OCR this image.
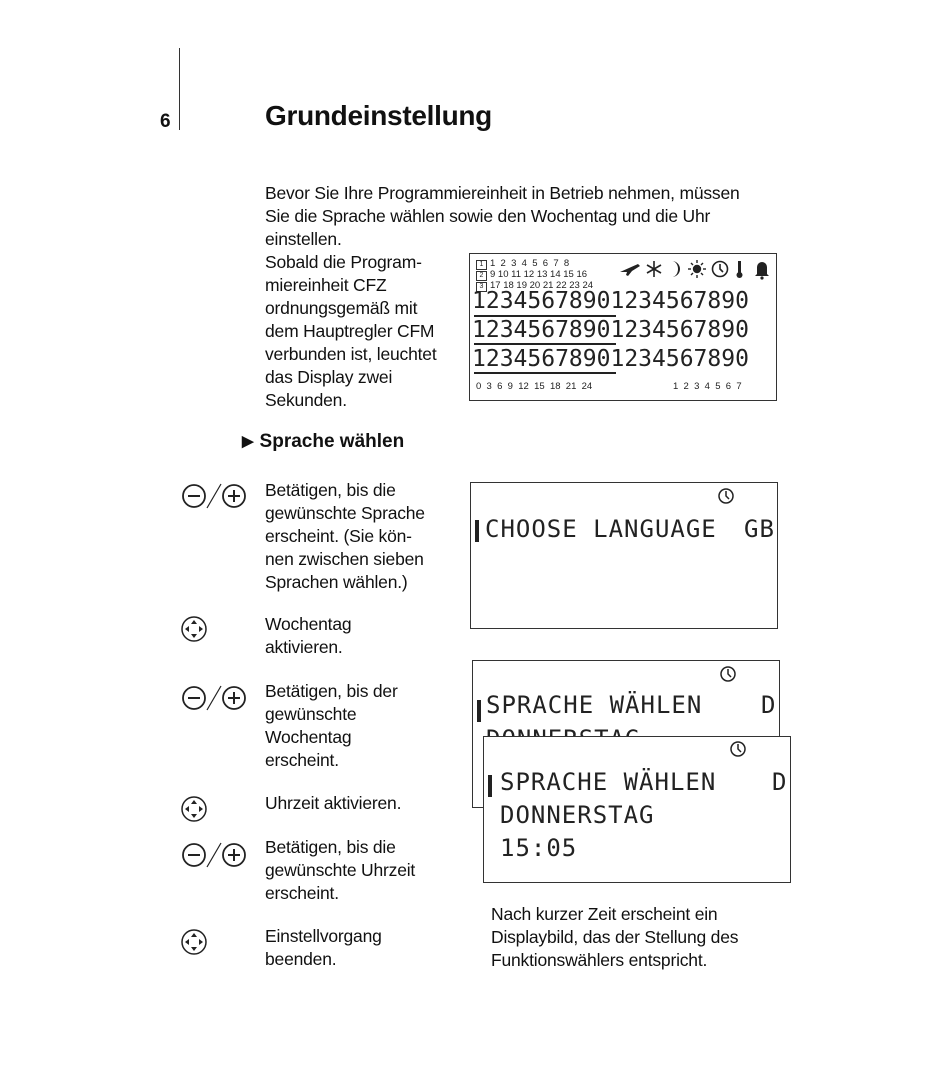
6	Grundeinstellung
Bevor Sie Ihre Programmiereinheit in Betrieb nehmen, müssen
Sie die Sprache wählen sowie den Wochentag und die Uhr
einstellen.
Sobald die Program-
miereinheit CFZ
ordnungsgemäß mit
dem Hauptregler CFM
verbunden ist, leuchtet
das Display zwei
Sekunden.
1 1  2  3  4  5  6  7  8
2 9 10 11 12 13 14 15 16
3 17 18 19 20 21 22 23 24
12345678901234567890
12345678901234567890
12345678901234567890
0  3  6  9  12  15  18  21  24	1  2  3  4  5  6  7
▶ Sprache wählen
Betätigen, bis die
gewünschte Sprache
erscheint. (Sie kön-
nen zwischen sieben
Sprachen wählen.)
Wochentag
aktivieren.
Betätigen, bis der
gewünschte
Wochentag
erscheint.
Uhrzeit aktivieren.
Betätigen, bis die
gewünschte Uhrzeit
erscheint.
Einstellvorgang
beenden.
CHOOSE LANGUAGE GB
SPRACHE WÄHLEN D
SPRACHE WÄHLEN D
DONNERSTAG
15:05
Nach kurzer Zeit erscheint ein
Displaybild, das der Stellung des
Funktionswählers entspricht.
